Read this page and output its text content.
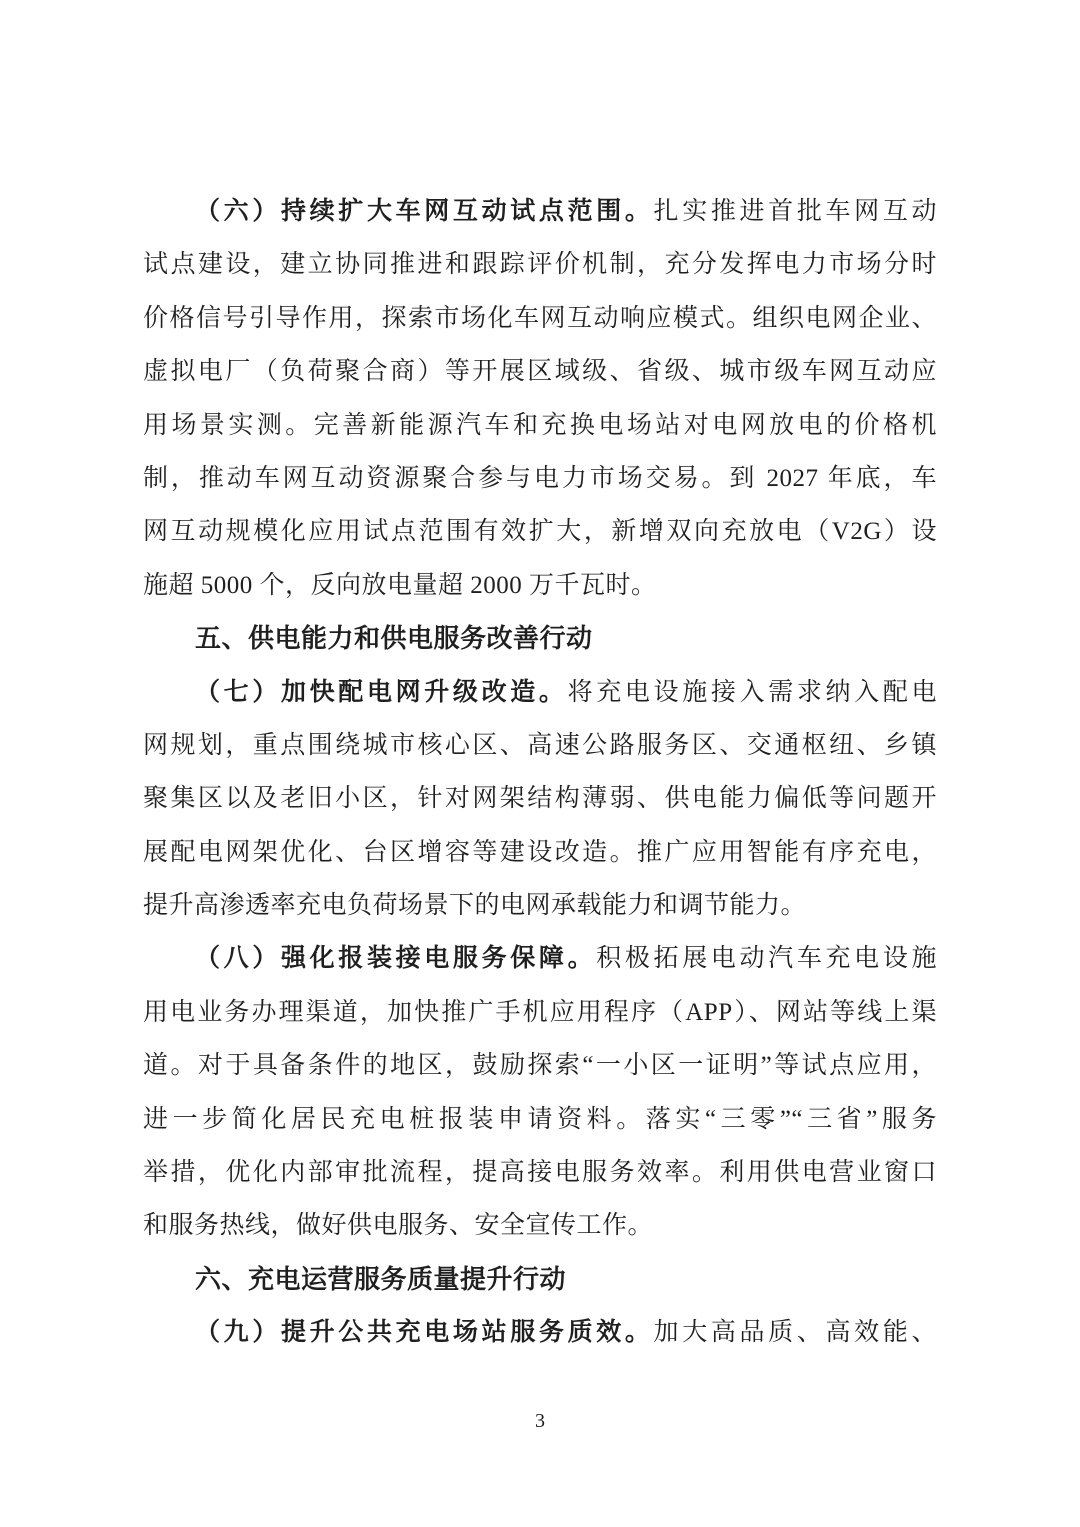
（六）持续扩大车网互动试点范围。扎实推进首批车网互动
试点建设，建立协同推进和跟踪评价机制，充分发挥电力市场分时
价格信号引导作用，探索市场化车网互动响应模式。组织电网企业、
虚拟电厂（负荷聚合商）等开展区域级、省级、城市级车网互动应
用场景实测。完善新能源汽车和充换电场站对电网放电的价格机
制，推动车网互动资源聚合参与电力市场交易。到 2027 年底，车
网互动规模化应用试点范围有效扩大，新增双向充放电（V2G）设
施超 5000 个，反向放电量超 2000 万千瓦时。
五、供电能力和供电服务改善行动
（七）加快配电网升级改造。将充电设施接入需求纳入配电
网规划，重点围绕城市核心区、高速公路服务区、交通枢纽、乡镇
聚集区以及老旧小区，针对网架结构薄弱、供电能力偏低等问题开
展配电网架优化、台区增容等建设改造。推广应用智能有序充电，
提升高渗透率充电负荷场景下的电网承载能力和调节能力。
（八）强化报装接电服务保障。积极拓展电动汽车充电设施
用电业务办理渠道，加快推广手机应用程序（APP）、网站等线上渠
道。对于具备条件的地区，鼓励探索“一小区一证明”等试点应用，
进一步简化居民充电桩报装申请资料。落实“三零”“三省”服务
举措，优化内部审批流程，提高接电服务效率。利用供电营业窗口
和服务热线，做好供电服务、安全宣传工作。
六、充电运营服务质量提升行动
（九）提升公共充电场站服务质效。加大高品质、高效能、
3
